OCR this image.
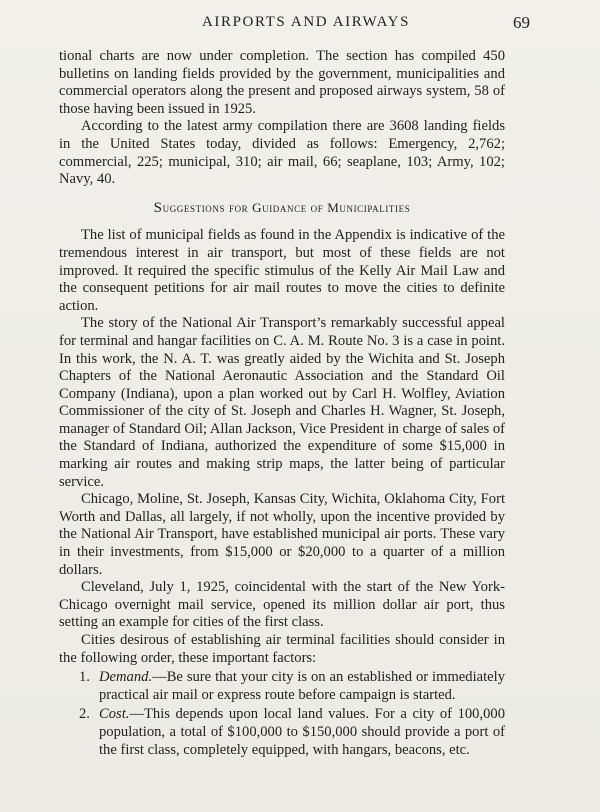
AIRPORTS AND AIRWAYS	69

tional charts are now under completion. The section has compiled 450 bulletins on landing fields provided by the government, municipalities and commercial operators along the present and proposed airways system, 58 of those having been issued in 1925.

According to the latest army compilation there are 3608 landing fields in the United States today, divided as follows: Emergency, 2,762; commercial, 225; municipal, 310; air mail, 66; seaplane, 103; Army, 102; Navy, 40.

Suggestions for Guidance of Municipalities

The list of municipal fields as found in the Appendix is indicative of the tremendous interest in air transport, but most of these fields are not improved. It required the specific stimulus of the Kelly Air Mail Law and the consequent petitions for air mail routes to move the cities to definite action.

The story of the National Air Transport’s remarkably successful appeal for terminal and hangar facilities on C. A. M. Route No. 3 is a case in point. In this work, the N. A. T. was greatly aided by the Wichita and St. Joseph Chapters of the National Aeronautic Association and the Standard Oil Company (Indiana), upon a plan worked out by Carl H. Wolfley, Aviation Commissioner of the city of St. Joseph and Charles H. Wagner, St. Joseph, manager of Standard Oil; Allan Jackson, Vice President in charge of sales of the Standard of Indiana, authorized the expenditure of some $15,000 in marking air routes and making strip maps, the latter being of particular service.

Chicago, Moline, St. Joseph, Kansas City, Wichita, Oklahoma City, Fort Worth and Dallas, all largely, if not wholly, upon the incentive provided by the National Air Transport, have established municipal air ports. These vary in their investments, from $15,000 or $20,000 to a quarter of a million dollars.

Cleveland, July 1, 1925, coincidental with the start of the New York-Chicago overnight mail service, opened its million dollar air port, thus setting an example for cities of the first class.

Cities desirous of establishing air terminal facilities should consider in the following order, these important factors:

1. Demand.—Be sure that your city is on an established or immediately practical air mail or express route before campaign is started.
2. Cost.—This depends upon local land values. For a city of 100,000 population, a total of $100,000 to $150,000 should provide a port of the first class, completely equipped, with hangars, beacons, etc.
